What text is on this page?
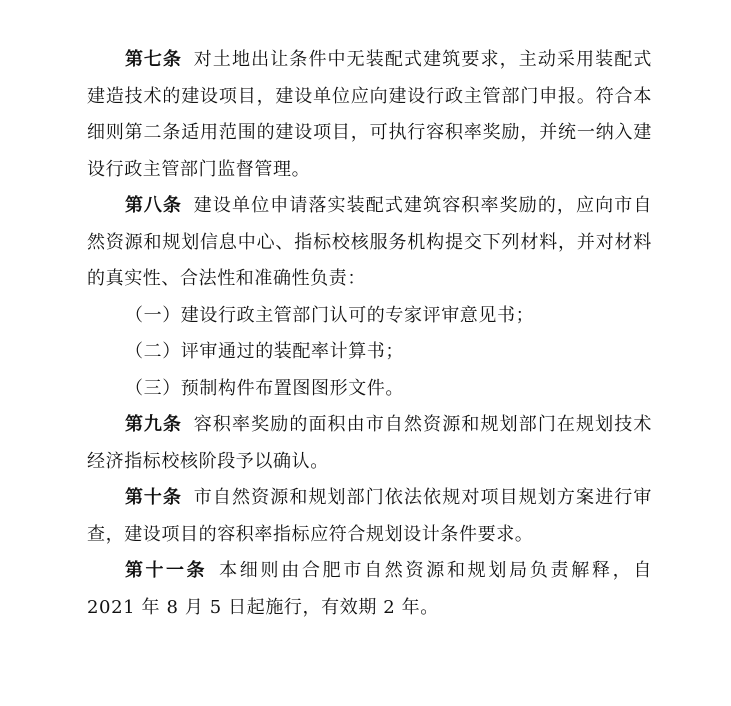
第七条 对土地出让条件中无装配式建筑要求，主动采用装配式建造技术的建设项目，建设单位应向建设行政主管部门申报。符合本细则第二条适用范围的建设项目，可执行容积率奖励，并统一纳入建设行政主管部门监督管理。

第八条 建设单位申请落实装配式建筑容积率奖励的，应向市自然资源和规划信息中心、指标校核服务机构提交下列材料，并对材料的真实性、合法性和准确性负责：

（一）建设行政主管部门认可的专家评审意见书；

（二）评审通过的装配率计算书；

（三）预制构件布置图图形文件。

第九条 容积率奖励的面积由市自然资源和规划部门在规划技术经济指标校核阶段予以确认。

第十条 市自然资源和规划部门依法依规对项目规划方案进行审查，建设项目的容积率指标应符合规划设计条件要求。

第十一条 本细则由合肥市自然资源和规划局负责解释，自 2021 年 8 月 5 日起施行，有效期 2 年。
